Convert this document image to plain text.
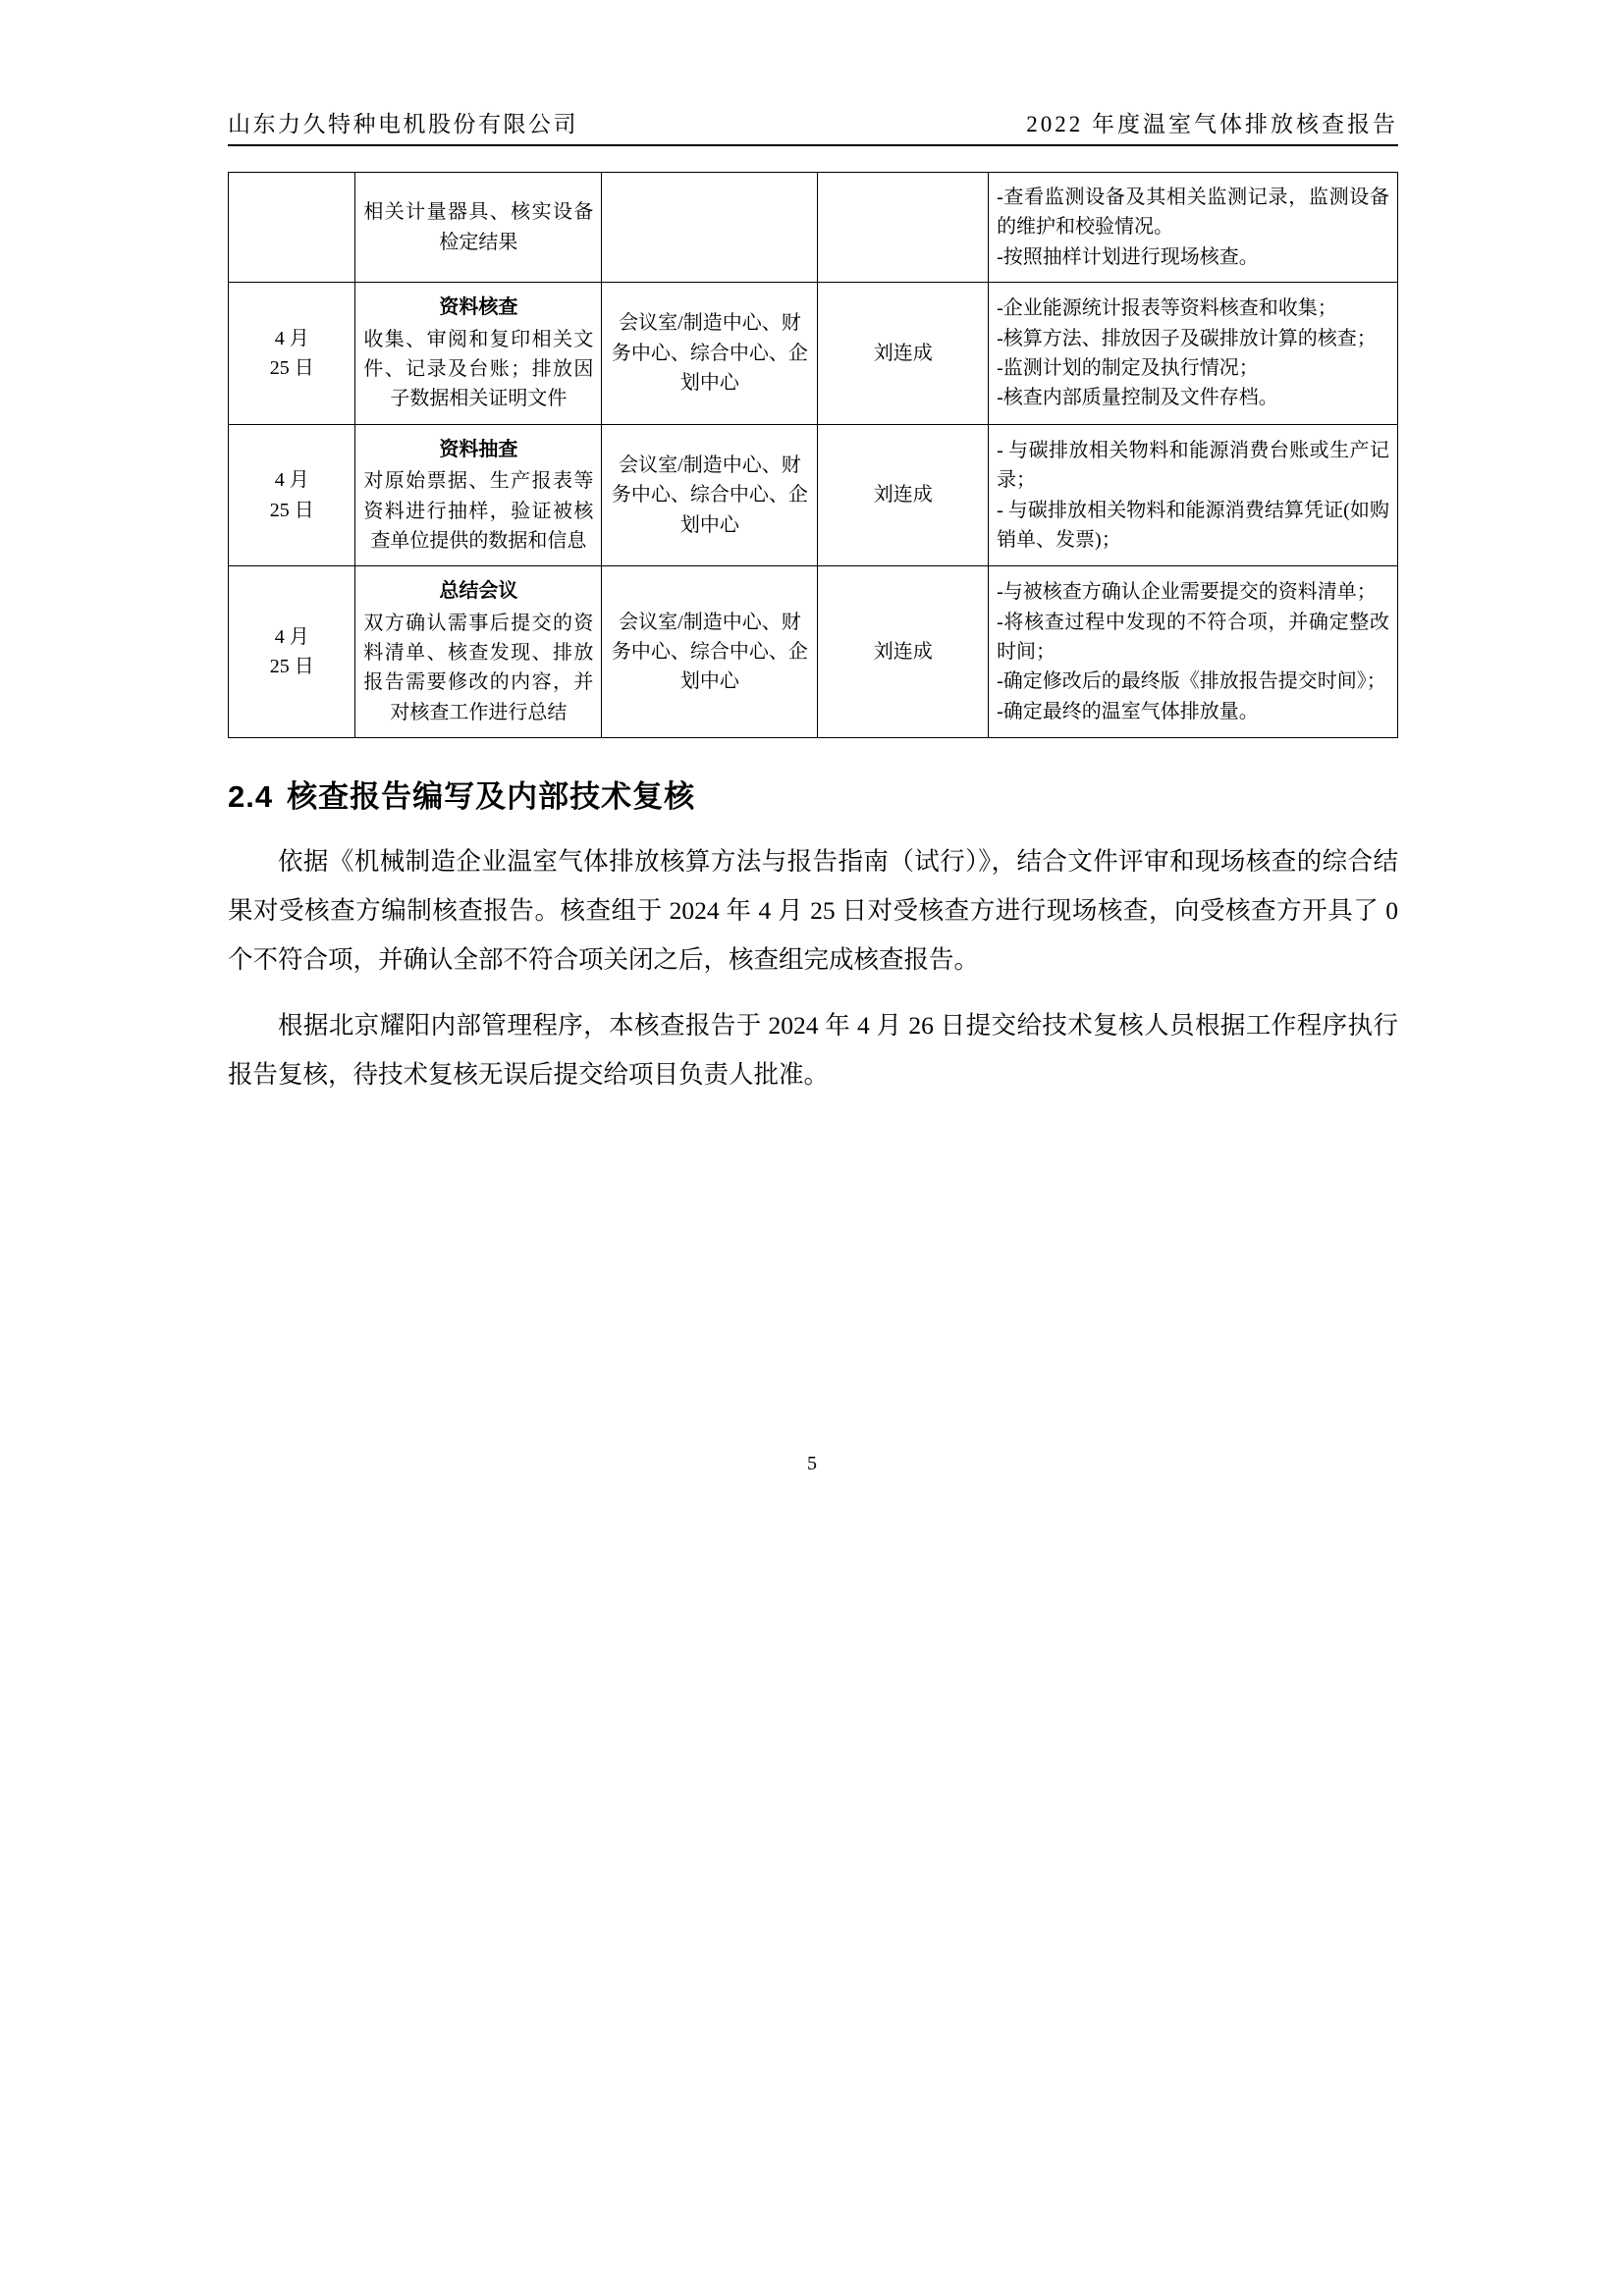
山东力久特种电机股份有限公司	2022 年度温室气体排放核查报告

	相关计量器具、核实设备检定结果			-查看监测设备及其相关监测记录，监测设备的维护和校验情况。
-按照抽样计划进行现场核查。

4 月
25 日	资料核查
收集、审阅和复印相关文件、记录及台账；排放因子数据相关证明文件	会议室/制造中心、财务中心、综合中心、企划中心	刘连成	-企业能源统计报表等资料核查和收集；
-核算方法、排放因子及碳排放计算的核查；
-监测计划的制定及执行情况；
-核查内部质量控制及文件存档。

4 月
25 日	资料抽查
对原始票据、生产报表等资料进行抽样，验证被核查单位提供的数据和信息	会议室/制造中心、财务中心、综合中心、企划中心	刘连成	- 与碳排放相关物料和能源消费台账或生产记录；
- 与碳排放相关物料和能源消费结算凭证(如购销单、发票)；

4 月
25 日	总结会议
双方确认需事后提交的资料清单、核查发现、排放报告需要修改的内容，并对核查工作进行总结	会议室/制造中心、财务中心、综合中心、企划中心	刘连成	-与被核查方确认企业需要提交的资料清单；
-将核查过程中发现的不符合项，并确定整改时间；
-确定修改后的最终版《排放报告提交时间》；
-确定最终的温室气体排放量。
2.4 核查报告编写及内部技术复核

依据《机械制造企业温室气体排放核算方法与报告指南（试行）》，结合文件评审和现场核查的综合结果对受核查方编制核查报告。核查组于 2024 年 4 月 25 日对受核查方进行现场核查，向受核查方开具了 0 个不符合项，并确认全部不符合项关闭之后，核查组完成核查报告。

根据北京耀阳内部管理程序，本核查报告于 2024 年 4 月 26 日提交给技术复核人员根据工作程序执行报告复核，待技术复核无误后提交给项目负责人批准。

5
